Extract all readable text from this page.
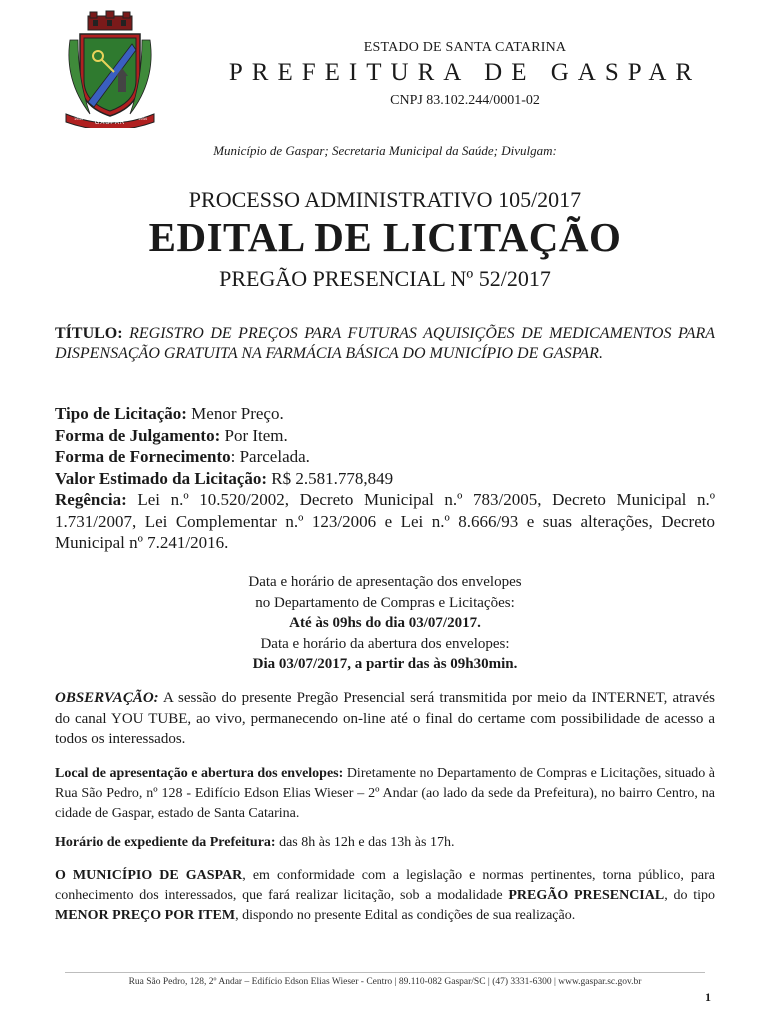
GASPAR
1934	1934
ESTADO DE SANTA CATARINA
PREFEITURA DE GASPAR
CNPJ 83.102.244/0001-02
Município de Gaspar; Secretaria Municipal da Saúde; Divulgam:
PROCESSO ADMINISTRATIVO 105/2017
EDITAL DE LICITAÇÃO
PREGÃO PRESENCIAL Nº 52/2017
TÍTULO: REGISTRO DE PREÇOS PARA FUTURAS AQUISIÇÕES DE MEDICAMENTOS PARA DISPENSAÇÃO GRATUITA NA FARMÁCIA BÁSICA DO MUNICÍPIO DE GASPAR.
Tipo de Licitação: Menor Preço.
Forma de Julgamento: Por Item.
Forma de Fornecimento: Parcelada.
Valor Estimado da Licitação: R$ 2.581.778,849
Regência: Lei n.º 10.520/2002, Decreto Municipal n.º 783/2005, Decreto Municipal n.º 1.731/2007, Lei Complementar n.º 123/2006 e Lei n.º 8.666/93 e suas alterações, Decreto Municipal nº 7.241/2016.
Data e horário de apresentação dos envelopes
no Departamento de Compras e Licitações:
Até às 09hs do dia 03/07/2017.
Data e horário da abertura dos envelopes:
Dia 03/07/2017, a partir das às 09h30min.
OBSERVAÇÃO: A sessão do presente Pregão Presencial será transmitida por meio da INTERNET, através do canal YOU TUBE, ao vivo, permanecendo on-line até o final do certame com possibilidade de acesso a todos os interessados.
Local de apresentação e abertura dos envelopes: Diretamente no Departamento de Compras e Licitações, situado à Rua São Pedro, nº 128 - Edifício Edson Elias Wieser – 2º Andar (ao lado da sede da Prefeitura), no bairro Centro, na cidade de Gaspar, estado de Santa Catarina.
Horário de expediente da Prefeitura: das 8h às 12h e das 13h às 17h.
O MUNICÍPIO DE GASPAR, em conformidade com a legislação e normas pertinentes, torna público, para conhecimento dos interessados, que fará realizar licitação, sob a modalidade PREGÃO PRESENCIAL, do tipo MENOR PREÇO POR ITEM, dispondo no presente Edital as condições de sua realização.
Rua São Pedro, 128, 2º Andar – Edifício Edson Elias Wieser - Centro | 89.110-082 Gaspar/SC | (47) 3331-6300 | www.gaspar.sc.gov.br
1
